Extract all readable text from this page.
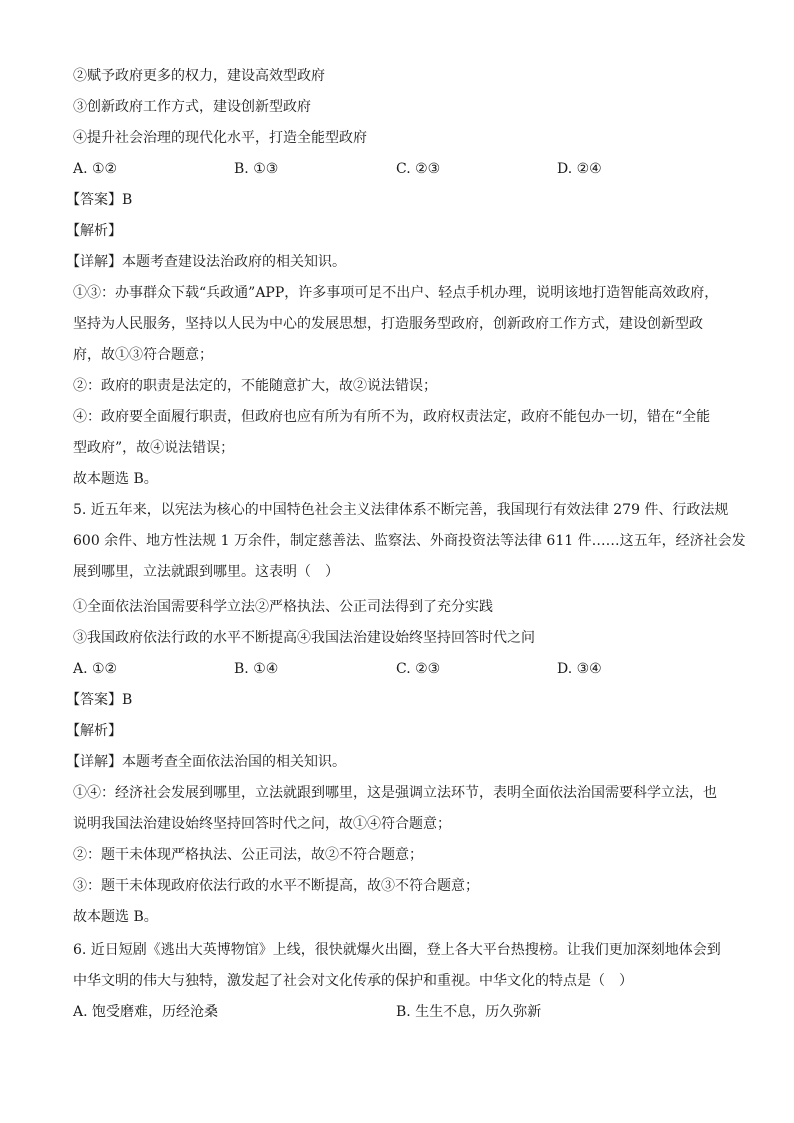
②赋予政府更多的权力，建设高效型政府
③创新政府工作方式，建设创新型政府
④提升社会治理的现代化水平，打造全能型政府
A. ①②	B. ①③	C. ②③	D. ②④
【答案】B
【解析】
【详解】本题考查建设法治政府的相关知识。
①③：办事群众下载“兵政通”APP，许多事项可足不出户、轻点手机办理，说明该地打造智能高效政府，
坚持为人民服务，坚持以人民为中心的发展思想，打造服务型政府，创新政府工作方式，建设创新型政
府，故①③符合题意；
②：政府的职责是法定的，不能随意扩大，故②说法错误；
④：政府要全面履行职责，但政府也应有所为有所不为，政府权责法定，政府不能包办一切，错在“全能
型政府”，故④说法错误；
故本题选 B。
5. 近五年来，以宪法为核心的中国特色社会主义法律体系不断完善，我国现行有效法律 279 件、行政法规
600 余件、地方性法规 1 万余件，制定慈善法、监察法、外商投资法等法律 611 件……这五年，经济社会发
展到哪里，立法就跟到哪里。这表明（　）
①全面依法治国需要科学立法②严格执法、公正司法得到了充分实践
③我国政府依法行政的水平不断提高④我国法治建设始终坚持回答时代之问
A. ①②	B. ①④	C. ②③	D. ③④
【答案】B
【解析】
【详解】本题考查全面依法治国的相关知识。
①④：经济社会发展到哪里，立法就跟到哪里，这是强调立法环节，表明全面依法治国需要科学立法，也
说明我国法治建设始终坚持回答时代之问，故①④符合题意；
②：题干未体现严格执法、公正司法，故②不符合题意；
③：题干未体现政府依法行政的水平不断提高，故③不符合题意；
故本题选 B。
6. 近日短剧《逃出大英博物馆》上线，很快就爆火出圈，登上各大平台热搜榜。让我们更加深刻地体会到
中华文明的伟大与独特，激发起了社会对文化传承的保护和重视。中华文化的特点是（　）
A. 饱受磨难，历经沧桑	B. 生生不息，历久弥新
